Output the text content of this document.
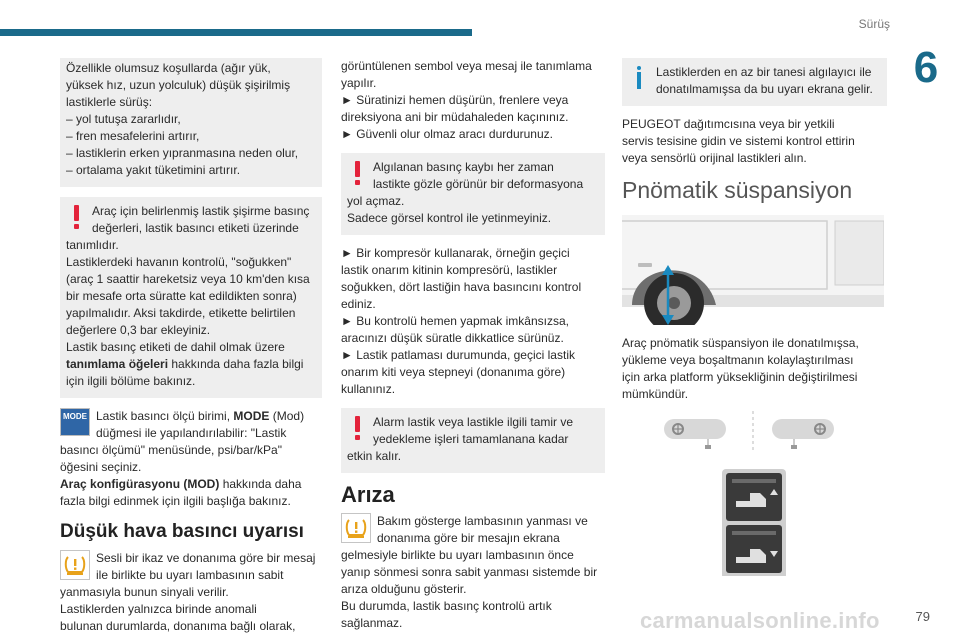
Sürüş
6
Özellikle olumsuz koşullarda (ağır yük,
yüksek hız, uzun yolculuk) düşük şişirilmiş
lastiklerle sürüş:
– yol tutuşa zararlıdır,
– fren mesafelerini artırır,
– lastiklerin erken yıpranmasına neden olur,
– ortalama yakıt tüketimini artırır.
Araç için belirlenmiş lastik şişirme basınç
değerleri, lastik basıncı etiketi üzerinde
tanımlıdır.
Lastiklerdeki havanın kontrolü, "soğukken"
(araç 1 saattir hareketsiz veya 10 km'den kısa
bir mesafe orta süratte kat edildikten sonra)
yapılmalıdır. Aksi takdirde, etikette belirtilen
değerlere 0,3 bar ekleyiniz.
Lastik basınç etiketi de dahil olmak üzere
tanımlama öğeleri hakkında daha fazla bilgi
için ilgili bölüme bakınız.
MODE Lastik basıncı ölçü birimi, MODE (Mod)
düğmesi ile yapılandırılabilir: "Lastik
basıncı ölçümü" menüsünde, psi/bar/kPa"
öğesini seçiniz.
Araç konfigürasyonu (MOD) hakkında daha
fazla bilgi edinmek için ilgili başlığa bakınız.
Düşük hava basıncı uyarısı
Sesli bir ikaz ve donanıma göre bir mesaj
ile birlikte bu uyarı lambasının sabit
yanmasıyla bunun sinyali verilir.
Lastiklerden yalnızca birinde anomali
bulunan durumlarda, donanıma bağlı olarak,
görüntülenen sembol veya mesaj ile tanımlama
yapılır.
► Süratinizi hemen düşürün, frenlere veya
direksiyona ani bir müdahaleden kaçınınız.
► Güvenli olur olmaz aracı durdurunuz.
Algılanan basınç kaybı her zaman
lastikte gözle görünür bir deformasyona
yol açmaz.
Sadece görsel kontrol ile yetinmeyiniz.
► Bir kompresör kullanarak, örneğin geçici
lastik onarım kitinin kompresörü, lastikler
soğukken, dört lastiğin hava basıncını kontrol
ediniz.
► Bu kontrolü hemen yapmak imkânsızsa,
aracınızı düşük süratle dikkatlice sürünüz.
► Lastik patlaması durumunda, geçici lastik
onarım kiti veya stepneyi (donanıma göre)
kullanınız.
Alarm lastik veya lastikle ilgili tamir ve
yedekleme işleri tamamlanana kadar
etkin kalır.
Arıza
Bakım gösterge lambasının yanması ve
donanıma göre bir mesajın ekrana
gelmesiyle birlikte bu uyarı lambasının önce
yanıp sönmesi sonra sabit yanması sistemde bir
arıza olduğunu gösterir.
Bu durumda, lastik basınç kontrolü artık
sağlanmaz.
Lastiklerden en az bir tanesi algılayıcı ile
donatılmamışsa da bu uyarı ekrana gelir.
PEUGEOT dağıtımcısına veya bir yetkili
servis tesisine gidin ve sistemi kontrol ettirin
veya sensörlü orijinal lastikleri alın.
Pnömatik süspansiyon
Araç pnömatik süspansiyon ile donatılmışsa,
yükleme veya boşaltmanın kolaylaştırılması
için arka platform yüksekliğinin değiştirilmesi
mümkündür.
carmanualsonline.info	79
